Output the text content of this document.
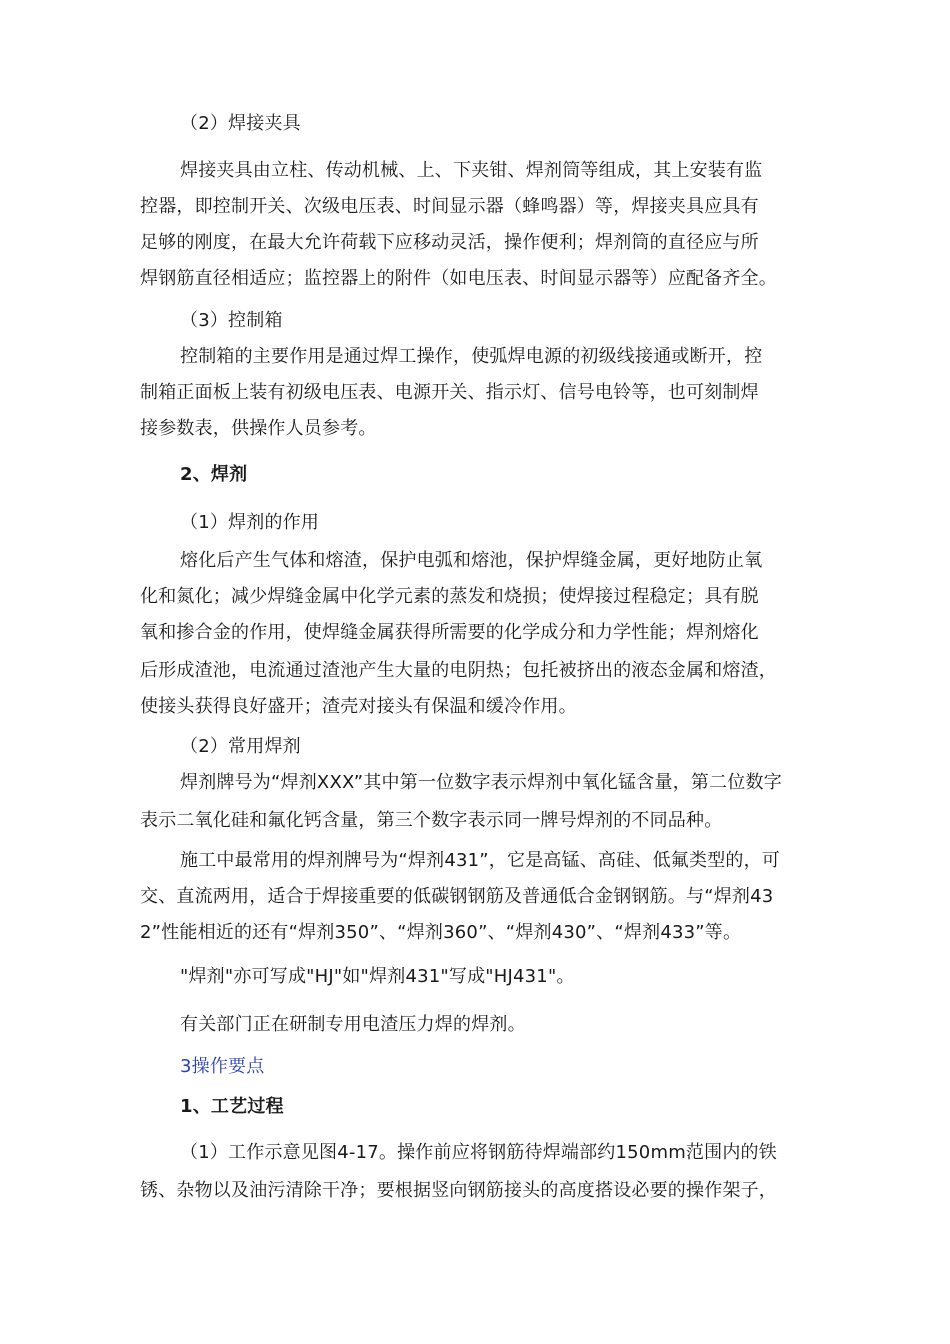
（2）焊接夹具
焊接夹具由立柱、传动机械、上、下夹钳、焊剂筒等组成，其上安装有监
控器，即控制开关、次级电压表、时间显示器（蜂鸣器）等，焊接夹具应具有
足够的刚度，在最大允许荷载下应移动灵活，操作便利；焊剂筒的直径应与所
焊钢筋直径相适应；监控器上的附件（如电压表、时间显示器等）应配备齐全。
（3）控制箱
控制箱的主要作用是通过焊工操作，使弧焊电源的初级线接通或断开，控
制箱正面板上装有初级电压表、电源开关、指示灯、信号电铃等，也可刻制焊
接参数表，供操作人员参考。
2、焊剂
（1）焊剂的作用
熔化后产生气体和熔渣，保护电弧和熔池，保护焊缝金属，更好地防止氧
化和氮化；减少焊缝金属中化学元素的蒸发和烧损；使焊接过程稳定；具有脱
氧和掺合金的作用，使焊缝金属获得所需要的化学成分和力学性能；焊剂熔化
后形成渣池，电流通过渣池产生大量的电阴热；包托被挤出的液态金属和熔渣，
使接头获得良好盛开；渣壳对接头有保温和缓冷作用。
（2）常用焊剂
焊剂牌号为“焊剂XXX”其中第一位数字表示焊剂中氧化锰含量，第二位数字
表示二氧化硅和氟化钙含量，第三个数字表示同一牌号焊剂的不同品种。
施工中最常用的焊剂牌号为“焊剂431”，它是高锰、高硅、低氟类型的，可
交、直流两用，适合于焊接重要的低碳钢钢筋及普通低合金钢钢筋。与“焊剂43
2”性能相近的还有“焊剂350”、“焊剂360”、“焊剂430”、“焊剂433”等。
"焊剂"亦可写成"HJ"如"焊剂431"写成"HJ431"。
有关部门正在研制专用电渣压力焊的焊剂。
3操作要点
1、工艺过程
（1）工作示意见图4-17。操作前应将钢筋待焊端部约150mm范围内的铁
锈、杂物以及油污清除干净；要根据竖向钢筋接头的高度搭设必要的操作架子，
